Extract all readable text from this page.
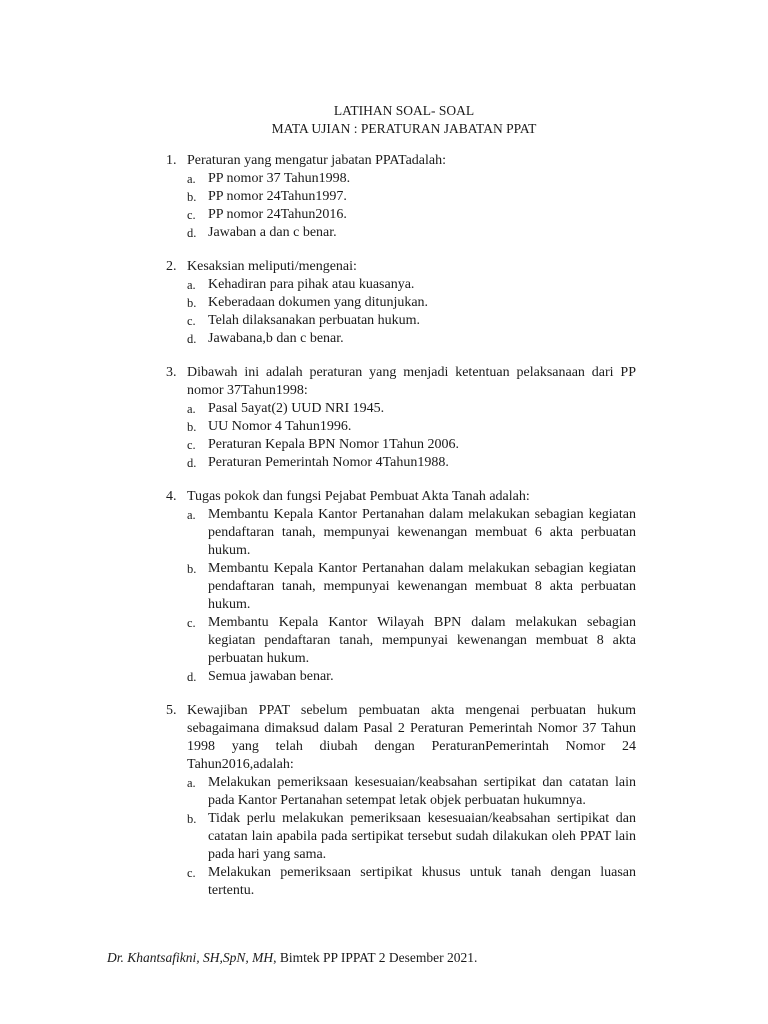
LATIHAN SOAL- SOAL
MATA UJIAN : PERATURAN JABATAN PPAT
1. Peraturan yang mengatur jabatan PPATadalah:
a. PP nomor 37 Tahun1998.
b. PP nomor 24Tahun1997.
c. PP nomor 24Tahun2016.
d. Jawaban a dan c benar.
2. Kesaksian meliputi/mengenai:
a. Kehadiran para pihak atau kuasanya.
b. Keberadaan dokumen yang ditunjukan.
c. Telah dilaksanakan perbuatan hukum.
d. Jawabana,b dan c benar.
3. Dibawah ini adalah peraturan yang menjadi ketentuan pelaksanaan dari PP nomor 37Tahun1998:
a. Pasal 5ayat(2) UUD NRI 1945.
b. UU Nomor 4 Tahun1996.
c. Peraturan Kepala BPN Nomor 1Tahun 2006.
d. Peraturan Pemerintah Nomor 4Tahun1988.
4. Tugas pokok dan fungsi Pejabat Pembuat Akta Tanah adalah:
a. Membantu Kepala Kantor Pertanahan dalam melakukan sebagian kegiatan pendaftaran tanah, mempunyai kewenangan membuat 6 akta perbuatan hukum.
b. Membantu Kepala Kantor Pertanahan dalam melakukan sebagian kegiatan pendaftaran tanah, mempunyai kewenangan membuat 8 akta perbuatan hukum.
c. Membantu Kepala Kantor Wilayah BPN dalam melakukan sebagian kegiatan pendaftaran tanah, mempunyai kewenangan membuat 8 akta perbuatan hukum.
d. Semua jawaban benar.
5. Kewajiban PPAT sebelum pembuatan akta mengenai perbuatan hukum sebagaimana dimaksud dalam Pasal 2 Peraturan Pemerintah Nomor 37 Tahun 1998 yang telah diubah dengan PeraturanPemerintah Nomor 24 Tahun2016,adalah:
a. Melakukan pemeriksaan kesesuaian/keabsahan sertipikat dan catatan lain pada Kantor Pertanahan setempat letak objek perbuatan hukumnya.
b. Tidak perlu melakukan pemeriksaan kesesuaian/keabsahan sertipikat dan catatan lain apabila pada sertipikat tersebut sudah dilakukan oleh PPAT lain pada hari yang sama.
c. Melakukan pemeriksaan sertipikat khusus untuk tanah dengan luasan tertentu.
Dr. Khantsafikni, SH,SpN, MH, Bimtek PP IPPAT 2 Desember 2021.
